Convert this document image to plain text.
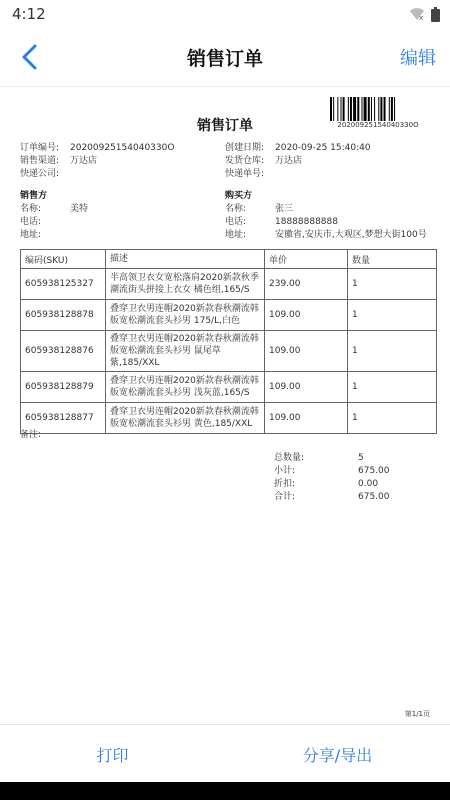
4:12	x
销售订单	编辑
20200925154040330O
销售订单
订单编号: 20200925154040330O	创建日期: 2020-09-25 15:40:40
销售渠道: 万达店	发货仓库: 万达店
快递公司:	快递单号:
销售方
名称:	美特
电话:
地址:
购买方
名称:	张三
电话:	18888888888
地址:	安徽省,安庆市,大观区,梦想大街100号
编码(SKU)	描述	单价	数量
605938125327	半高领卫衣女宽松落肩2020新款秋季潮流街头拼接上衣女 橘色组,165/S	239.00	1
605938128878	叠穿卫衣男连帽2020新款春秋潮流韩版宽松潮流套头衫男 175/L,白色	109.00	1
605938128876	叠穿卫衣男连帽2020新款春秋潮流韩版宽松潮流套头衫男 鼠尾草紫,185/XXL	109.00	1
605938128879	叠穿卫衣男连帽2020新款春秋潮流韩版宽松潮流套头衫男 浅灰蓝,165/S	109.00	1
605938128877	叠穿卫衣男连帽2020新款春秋潮流韩版宽松潮流套头衫男 黄色,185/XXL	109.00	1
备注:
总数量:	5
小计:	675.00
折扣:	0.00
合计:	675.00
第1/1页
打印	分享/导出
